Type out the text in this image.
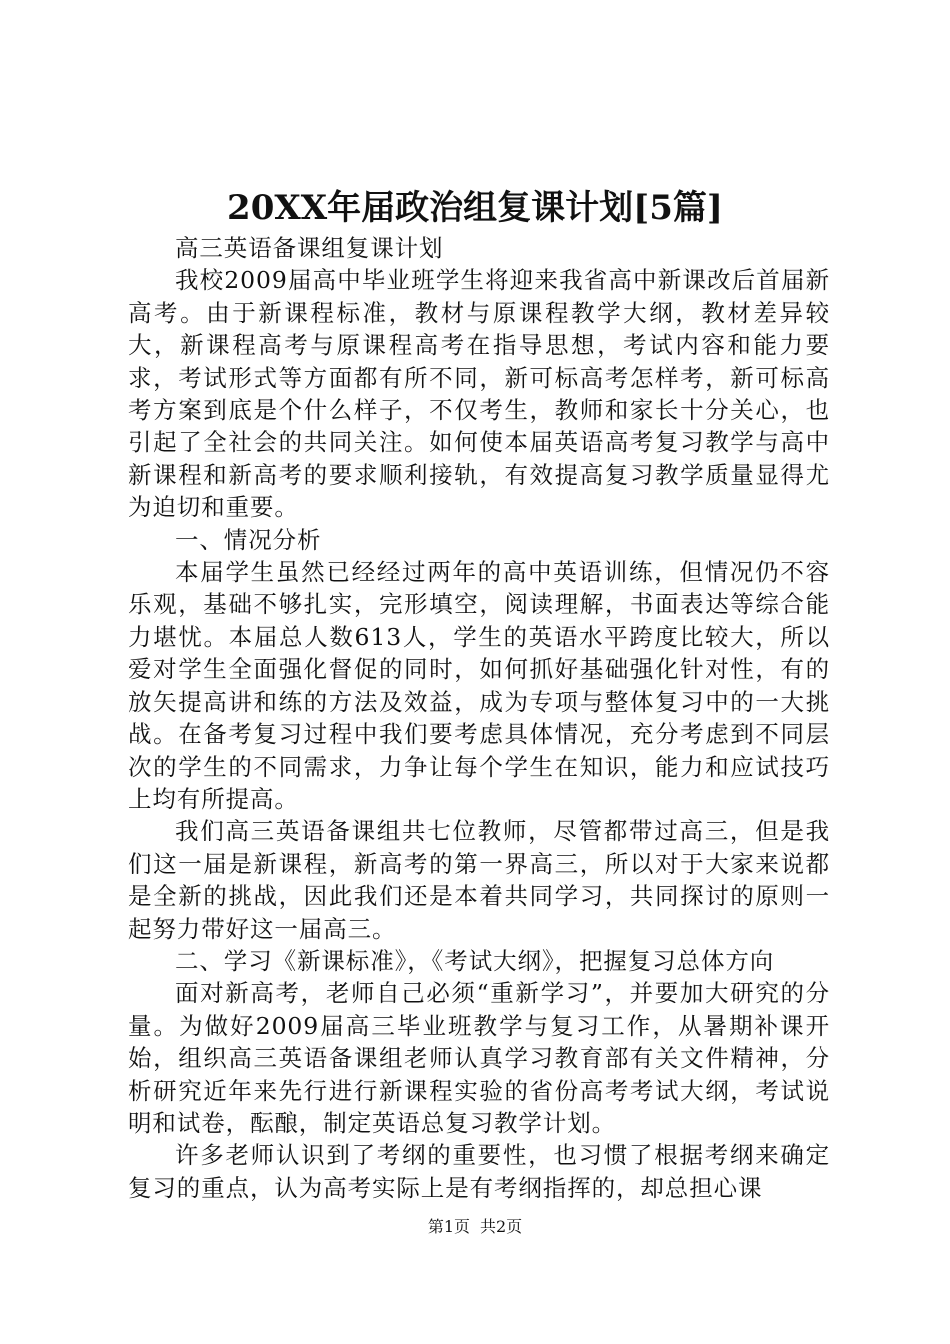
20XX年届政治组复课计划[5篇]

高三英语备课组复课计划

我校2009届高中毕业班学生将迎来我省高中新课改后首届新高考。由于新课程标准，教材与原课程教学大纲，教材差异较大，新课程高考与原课程高考在指导思想，考试内容和能力要求，考试形式等方面都有所不同，新可标高考怎样考，新可标高考方案到底是个什么样子，不仅考生，教师和家长十分关心，也引起了全社会的共同关注。如何使本届英语高考复习教学与高中新课程和新高考的要求顺利接轨，有效提高复习教学质量显得尤为迫切和重要。

一、情况分析

本届学生虽然已经经过两年的高中英语训练，但情况仍不容乐观，基础不够扎实，完形填空，阅读理解，书面表达等综合能力堪忧。本届总人数613人，学生的英语水平跨度比较大，所以爱对学生全面强化督促的同时，如何抓好基础强化针对性，有的放矢提高讲和练的方法及效益，成为专项与整体复习中的一大挑战。在备考复习过程中我们要考虑具体情况，充分考虑到不同层次的学生的不同需求，力争让每个学生在知识，能力和应试技巧上均有所提高。

我们高三英语备课组共七位教师，尽管都带过高三，但是我们这一届是新课程，新高考的第一界高三，所以对于大家来说都是全新的挑战，因此我们还是本着共同学习，共同探讨的原则一起努力带好这一届高三。

二、学习《新课标准》，《考试大纲》，把握复习总体方向

面对新高考，老师自己必须“重新学习”，并要加大研究的分量。为做好2009届高三毕业班教学与复习工作，从暑期补课开始，组织高三英语备课组老师认真学习教育部有关文件精神，分析研究近年来先行进行新课程实验的省份高考考试大纲，考试说明和试卷，酝酿，制定英语总复习教学计划。

许多老师认识到了考纲的重要性，也习惯了根据考纲来确定复习的重点，认为高考实际上是有考纲指挥的，却总担心课

第1页 共2页
